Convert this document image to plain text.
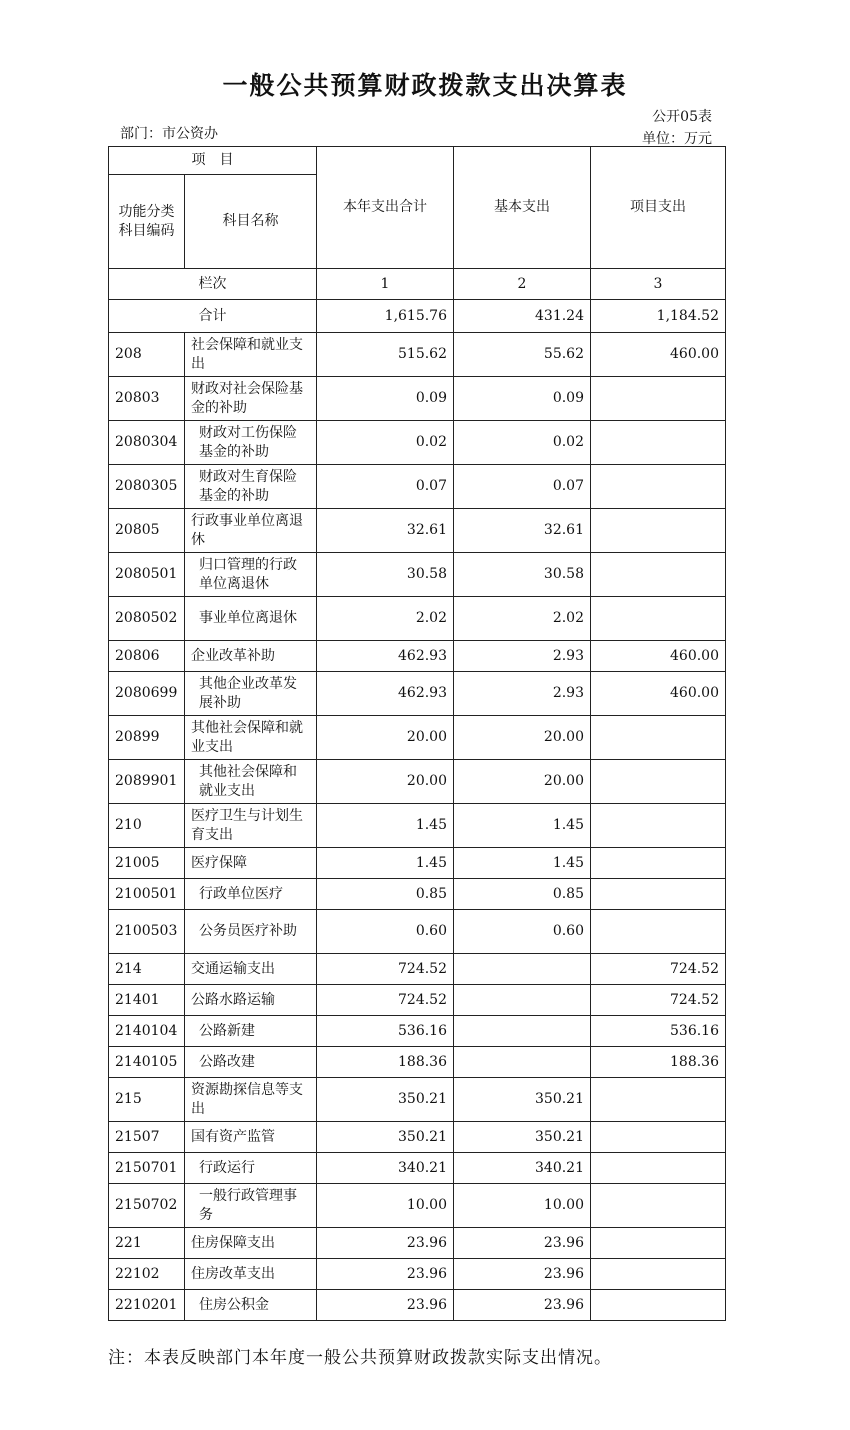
一般公共预算财政拨款支出决算表
公开05表
部门：市公资办	单位：万元
项　目		本年支出合计	基本支出	项目支出
功能分类科目编码	科目名称			
栏次		1	2	3
合计		1,615.76	431.24	1,184.52
208	社会保障和就业支出	515.62	55.62	460.00
20803	财政对社会保险基金的补助	0.09	0.09	
2080304	财政对工伤保险基金的补助	0.02	0.02	
2080305	财政对生育保险基金的补助	0.07	0.07	
20805	行政事业单位离退休	32.61	32.61	
2080501	归口管理的行政单位离退休	30.58	30.58	
2080502	事业单位离退休	2.02	2.02	
20806	企业改革补助	462.93	2.93	460.00
2080699	其他企业改革发展补助	462.93	2.93	460.00
20899	其他社会保障和就业支出	20.00	20.00	
2089901	其他社会保障和就业支出	20.00	20.00	
210	医疗卫生与计划生育支出	1.45	1.45	
21005	医疗保障	1.45	1.45	
2100501	行政单位医疗	0.85	0.85	
2100503	公务员医疗补助	0.60	0.60	
214	交通运输支出	724.52		724.52
21401	公路水路运输	724.52		724.52
2140104	公路新建	536.16		536.16
2140105	公路改建	188.36		188.36
215	资源勘探信息等支出	350.21	350.21	
21507	国有资产监管	350.21	350.21	
2150701	行政运行	340.21	340.21	
2150702	一般行政管理事务	10.00	10.00	
221	住房保障支出	23.96	23.96	
22102	住房改革支出	23.96	23.96	
2210201	住房公积金	23.96	23.96	
注：本表反映部门本年度一般公共预算财政拨款实际支出情况。
